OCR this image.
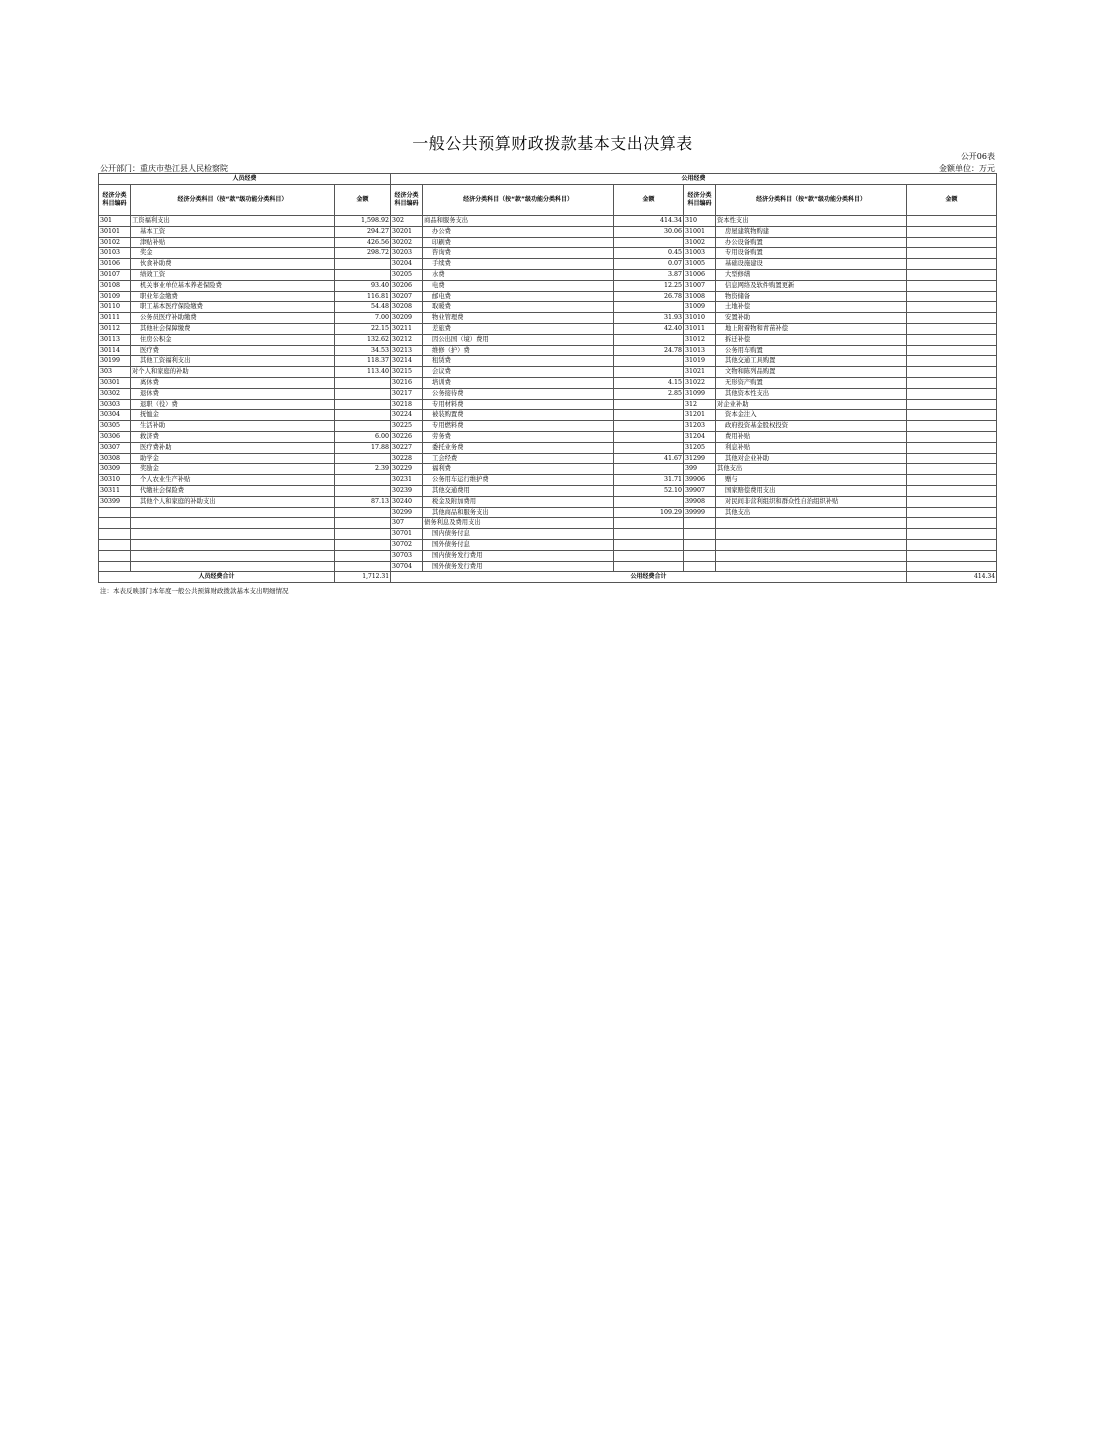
一般公共预算财政拨款基本支出决算表
公开06表
公开部门：重庆市垫江县人民检察院	金额单位：万元
人员经费			公用经费					
经济分类科目编码	经济分类科目（按“款”级功能分类科目）	金额	经济分类科目编码	经济分类科目（按“款”级功能分类科目）	金额	经济分类科目编码	经济分类科目（按“款”级功能分类科目）	金额
301	工资福利支出	1,598.92	302	商品和服务支出	414.34	310	资本性支出	
30101	基本工资	294.27	30201	办公费	30.06	31001	房屋建筑物购建	
30102	津贴补贴	426.56	30202	印刷费		31002	办公设备购置	
30103	奖金	298.72	30203	咨询费	0.45	31003	专用设备购置	
30106	伙食补助费		30204	手续费	0.07	31005	基础设施建设	
30107	绩效工资		30205	水费	3.87	31006	大型修缮	
30108	机关事业单位基本养老保险费	93.40	30206	电费	12.25	31007	信息网络及软件购置更新	
30109	职业年金缴费	116.81	30207	邮电费	26.78	31008	物资储备	
30110	职工基本医疗保险缴费	54.48	30208	取暖费		31009	土地补偿	
30111	公务员医疗补助缴费	7.00	30209	物业管理费	31.93	31010	安置补助	
30112	其他社会保障缴费	22.15	30211	差旅费	42.40	31011	地上附着物和青苗补偿	
30113	住房公积金	132.62	30212	因公出国（境）费用		31012	拆迁补偿	
30114	医疗费	34.53	30213	维修（护）费	24.78	31013	公务用车购置	
30199	其他工资福利支出	118.37	30214	租赁费		31019	其他交通工具购置	
303	对个人和家庭的补助	113.40	30215	会议费		31021	文物和陈列品购置	
30301	离休费		30216	培训费	4.15	31022	无形资产购置	
30302	退休费		30217	公务接待费	2.85	31099	其他资本性支出	
30303	退职（役）费		30218	专用材料费		312	对企业补助	
30304	抚恤金		30224	被装购置费		31201	资本金注入	
30305	生活补助		30225	专用燃料费		31203	政府投资基金股权投资	
30306	救济费	6.00	30226	劳务费		31204	费用补贴	
30307	医疗费补助	17.88	30227	委托业务费		31205	利息补贴	
30308	助学金		30228	工会经费	41.67	31299	其他对企业补助	
30309	奖励金	2.39	30229	福利费		399	其他支出	
30310	个人农业生产补贴		30231	公务用车运行维护费	31.71	39906	赠与	
30311	代缴社会保险费		30239	其他交通费用	52.10	39907	国家赔偿费用支出	
30399	其他个人和家庭的补助支出	87.13	30240	税金及附加费用		39908	对民间非营利组织和群众性自治组织补贴	
			30299	其他商品和服务支出	109.29	39999	其他支出	
			307	债务利息及费用支出				
			30701	国内债务付息				
			30702	国外债务付息				
			30703	国内债务发行费用				
			30704	国外债务发行费用				
人员经费合计		1,712.31	公用经费合计					414.34
注：本表反映部门本年度一般公共预算财政拨款基本支出明细情况
